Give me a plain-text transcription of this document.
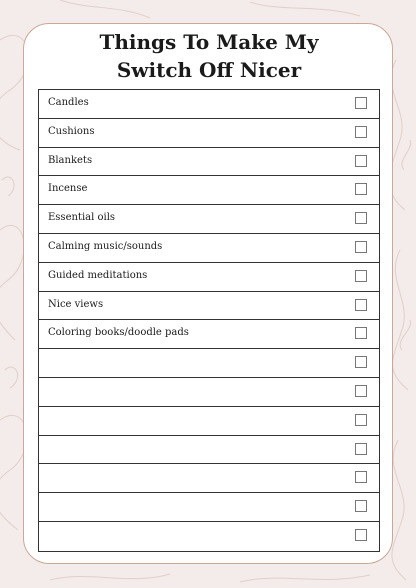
Things To Make My
Switch Off Nicer
Candles
Cushions
Blankets
Incense
Essential oils
Calming music/sounds
Guided meditations
Nice views
Coloring books/doodle pads
